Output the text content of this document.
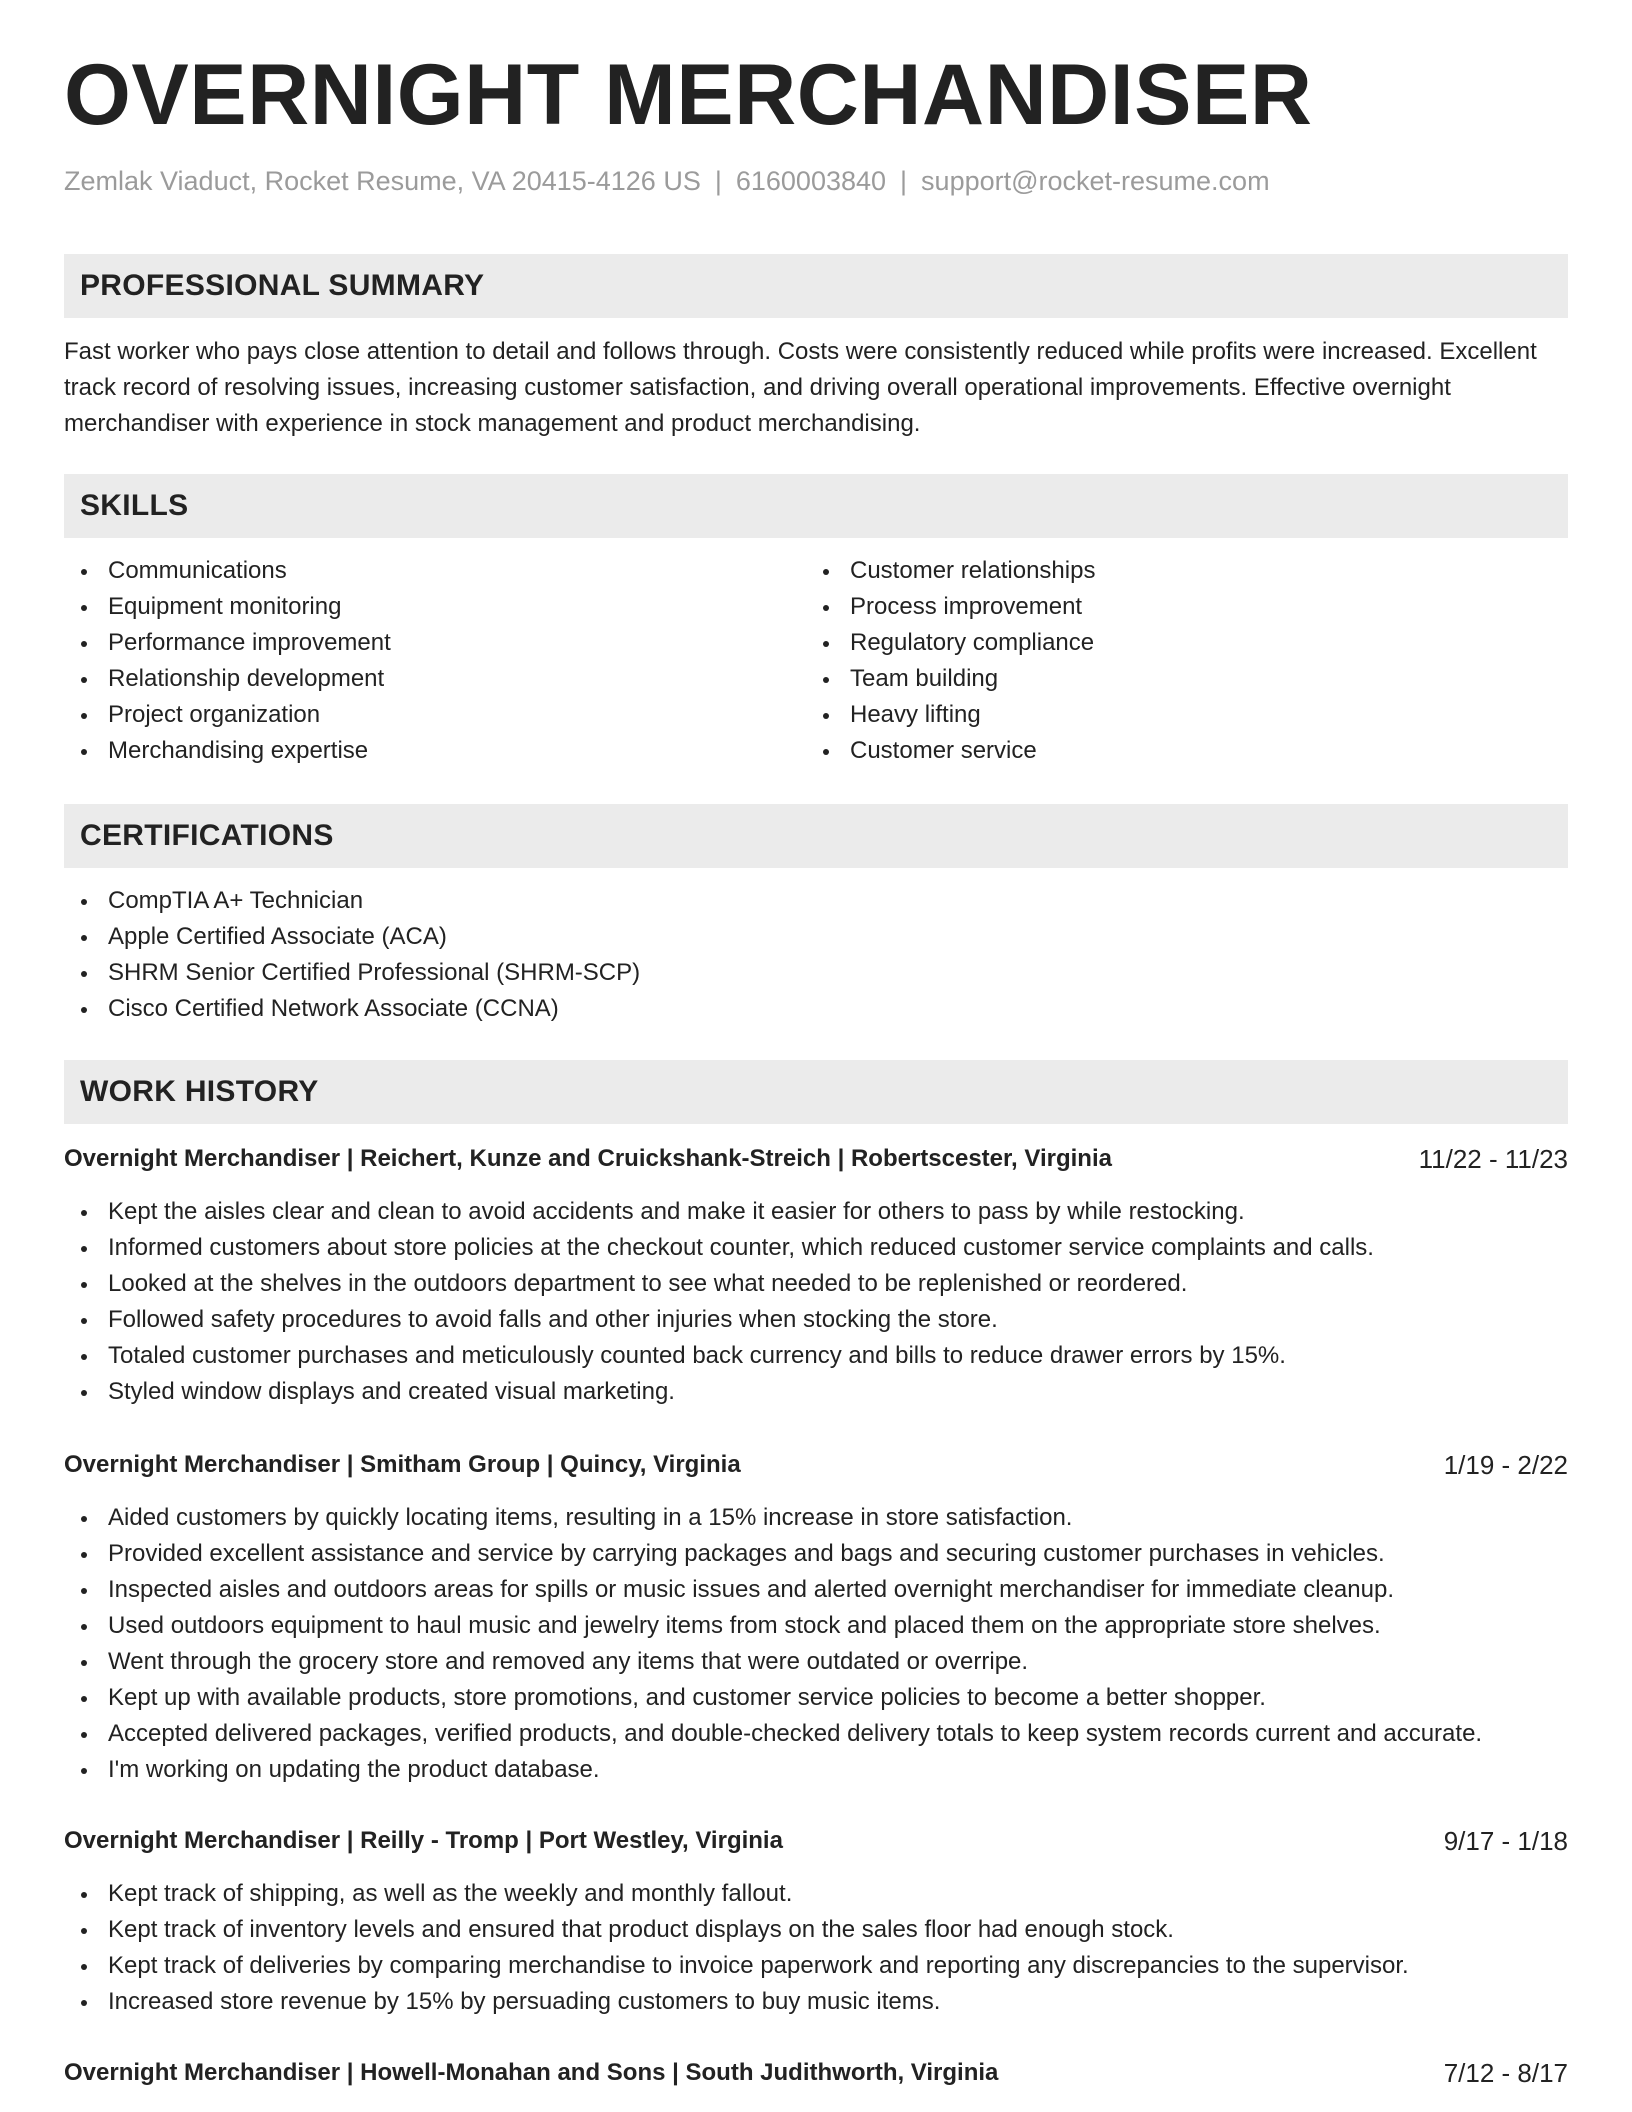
OVERNIGHT MERCHANDISER
Zemlak Viaduct, Rocket Resume, VA 20415-4126 US | 6160003840 | support@rocket-resume.com
PROFESSIONAL SUMMARY

Fast worker who pays close attention to detail and follows through. Costs were consistently reduced while profits were increased. Excellent track record of resolving issues, increasing customer satisfaction, and driving overall operational improvements. Effective overnight merchandiser with experience in stock management and product merchandising.

SKILLS
Communications
Equipment monitoring
Performance improvement
Relationship development
Project organization
Merchandising expertise
Customer relationships
Process improvement
Regulatory compliance
Team building
Heavy lifting
Customer service
CERTIFICATIONS
CompTIA A+ Technician
Apple Certified Associate (ACA)
SHRM Senior Certified Professional (SHRM-SCP)
Cisco Certified Network Associate (CCNA)
WORK HISTORY
Overnight Merchandiser | Reichert, Kunze and Cruickshank-Streich | Robertscester, Virginia	11/22 - 11/23
Kept the aisles clear and clean to avoid accidents and make it easier for others to pass by while restocking.
Informed customers about store policies at the checkout counter, which reduced customer service complaints and calls.
Looked at the shelves in the outdoors department to see what needed to be replenished or reordered.
Followed safety procedures to avoid falls and other injuries when stocking the store.
Totaled customer purchases and meticulously counted back currency and bills to reduce drawer errors by 15%.
Styled window displays and created visual marketing.
Overnight Merchandiser | Smitham Group | Quincy, Virginia	1/19 - 2/22
Aided customers by quickly locating items, resulting in a 15% increase in store satisfaction.
Provided excellent assistance and service by carrying packages and bags and securing customer purchases in vehicles.
Inspected aisles and outdoors areas for spills or music issues and alerted overnight merchandiser for immediate cleanup.
Used outdoors equipment to haul music and jewelry items from stock and placed them on the appropriate store shelves.
Went through the grocery store and removed any items that were outdated or overripe.
Kept up with available products, store promotions, and customer service policies to become a better shopper.
Accepted delivered packages, verified products, and double-checked delivery totals to keep system records current and accurate.
I'm working on updating the product database.
Overnight Merchandiser | Reilly - Tromp | Port Westley, Virginia	9/17 - 1/18
Kept track of shipping, as well as the weekly and monthly fallout.
Kept track of inventory levels and ensured that product displays on the sales floor had enough stock.
Kept track of deliveries by comparing merchandise to invoice paperwork and reporting any discrepancies to the supervisor.
Increased store revenue by 15% by persuading customers to buy music items.
Overnight Merchandiser | Howell-Monahan and Sons | South Judithworth, Virginia	7/12 - 8/17
